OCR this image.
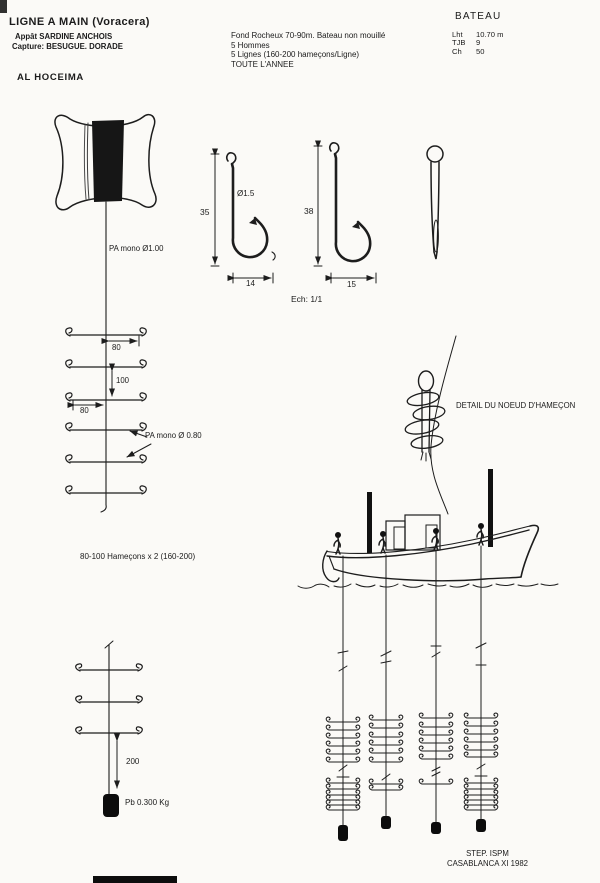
LIGNE A MAIN (Voracera)
Appât SARDINE ANCHOIS
Capture: BESUGUE. DORADE
AL HOCEIMA
Fond Rocheux 70-90m. Bateau non mouillé
5 Hommes
5 Lignes (160-200 hameçons/Ligne)
TOUTE L'ANNEE
BATEAU
Lht 10.70 m
TJB 9
Ch 50
35
Ø1.5
14
38
15
Ech: 1/1
PA mono Ø1.00
80
100
80
PA mono Ø 0.80
80-100 Hameçons x 2 (160-200)
200
Pb 0.300 Kg
DETAIL DU NOEUD D'HAMEÇON
STEP. ISPM
CASABLANCA XI 1982
